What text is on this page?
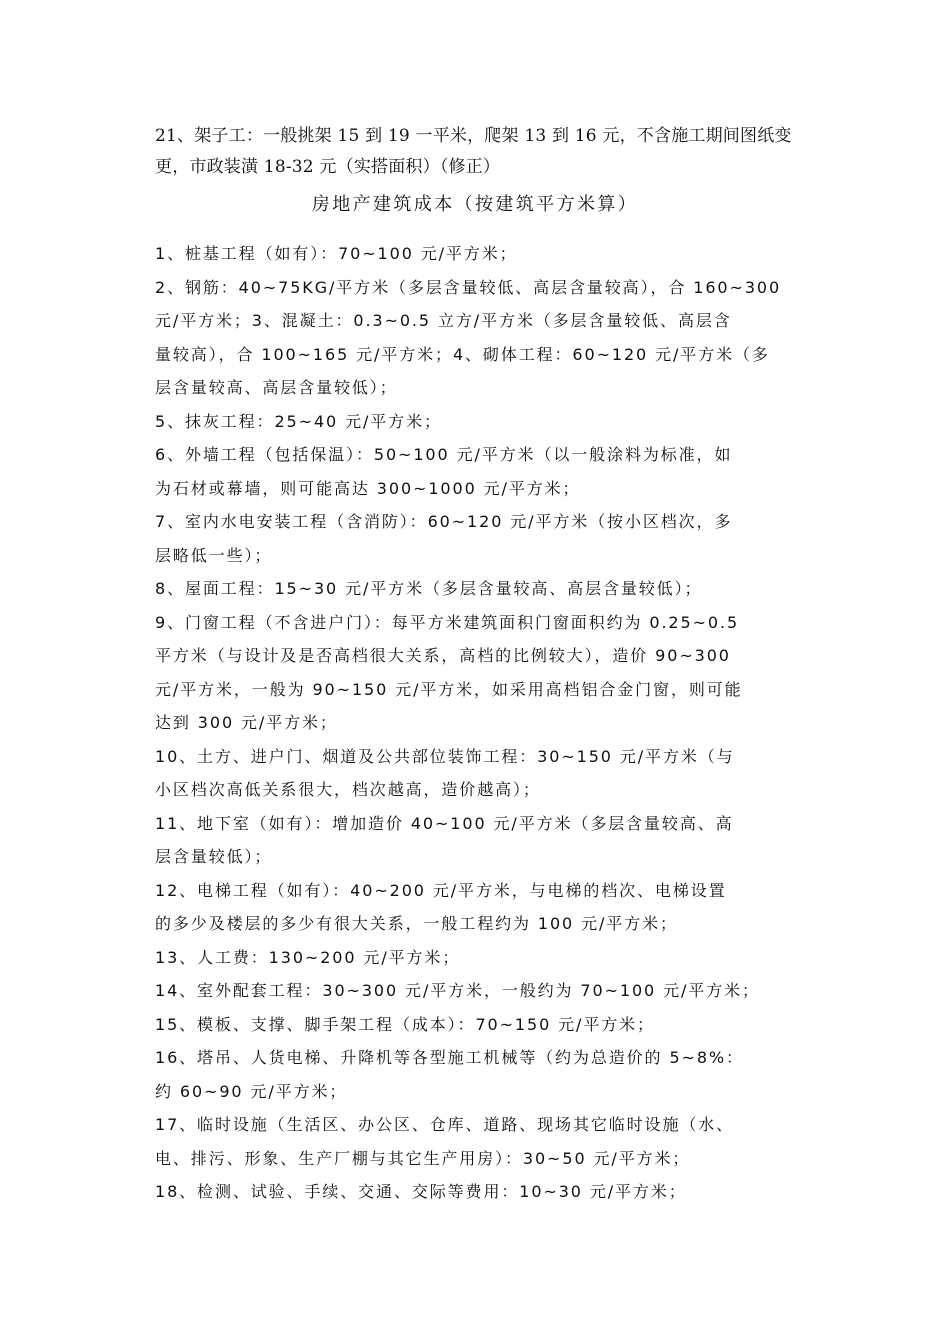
21、架子工：一般挑架 15 到 19 一平米，爬架 13 到 16 元，不含施工期间图纸变
更，市政装潢 18-32 元（实搭面积）（修正）
房地产建筑成本（按建筑平方米算）
1、桩基工程（如有）：70~100 元/平方米；
2、钢筋：40~75KG/平方米（多层含量较低、高层含量较高），合 160~300
元/平方米；3、混凝土：0.3~0.5 立方/平方米（多层含量较低、高层含
量较高），合 100~165 元/平方米；4、砌体工程：60~120 元/平方米（多
层含量较高、高层含量较低）；
5、抹灰工程：25~40 元/平方米；
6、外墙工程（包括保温）：50~100 元/平方米（以一般涂料为标准，如
为石材或幕墙，则可能高达 300~1000 元/平方米；
7、室内水电安装工程（含消防）：60~120 元/平方米（按小区档次，多
层略低一些）；
8、屋面工程：15~30 元/平方米（多层含量较高、高层含量较低）；
9、门窗工程（不含进户门）：每平方米建筑面积门窗面积约为 0.25~0.5
平方米（与设计及是否高档很大关系，高档的比例较大），造价 90~300
元/平方米，一般为 90~150 元/平方米，如采用高档铝合金门窗，则可能
达到 300 元/平方米；
10、土方、进户门、烟道及公共部位装饰工程：30~150 元/平方米（与
小区档次高低关系很大，档次越高，造价越高）；
11、地下室（如有）：增加造价 40~100 元/平方米（多层含量较高、高
层含量较低）；
12、电梯工程（如有）：40~200 元/平方米，与电梯的档次、电梯设置
的多少及楼层的多少有很大关系，一般工程约为 100 元/平方米；
13、人工费：130~200 元/平方米；
14、室外配套工程：30~300 元/平方米，一般约为 70~100 元/平方米；
15、模板、支撑、脚手架工程（成本）：70~150 元/平方米；
16、塔吊、人货电梯、升降机等各型施工机械等（约为总造价的 5~8%：
约 60~90 元/平方米；
17、临时设施（生活区、办公区、仓库、道路、现场其它临时设施（水、
电、排污、形象、生产厂棚与其它生产用房）：30~50 元/平方米；
18、检测、试验、手续、交通、交际等费用：10~30 元/平方米；
